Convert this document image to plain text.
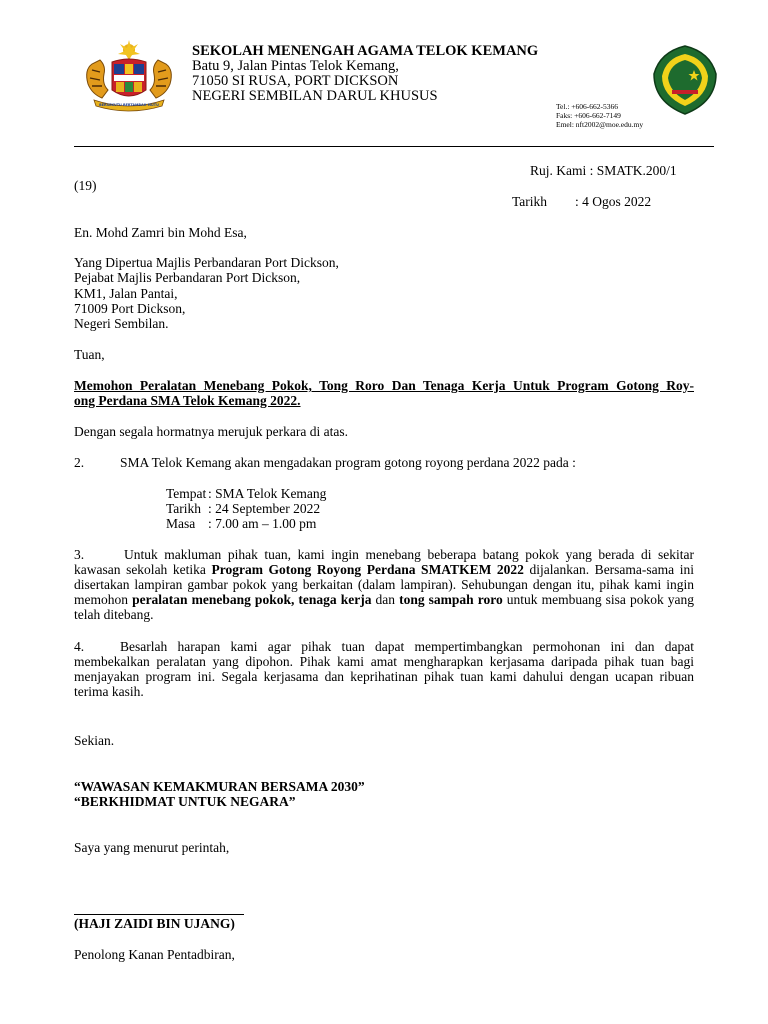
BERSEKUTU BERTAMBAH MUTU
SEKOLAH MENENGAH AGAMA TELOK KEMANG
Batu 9, Jalan Pintas Telok Kemang,
71050 SI RUSA, PORT DICKSON
NEGERI SEMBILAN DARUL KHUSUS
Tel.: +606-662-5366
Faks: +606-662-7149
Emel: nft2002@moe.edu.my
Ruj. Kami : SMATK.200/1
(19)
Tarikh : 4 Ogos 2022
En. Mohd Zamri bin Mohd Esa,
Yang Dipertua Majlis Perbandaran Port Dickson,
Pejabat Majlis Perbandaran Port Dickson,
KM1, Jalan Pantai,
71009 Port Dickson,
Negeri Sembilan.
Tuan,
Memohon Peralatan Menebang Pokok, Tong Roro Dan Tenaga Kerja Untuk Program Gotong Roy-
ong Perdana SMA Telok Kemang 2022.
Dengan segala hormatnya merujuk perkara di atas.
2.	SMA Telok Kemang akan mengadakan program gotong royong perdana 2022 pada :
Tempat : SMA Telok Kemang
Tarikh : 24 September 2022
Masa : 7.00 am – 1.00 pm
3.	Untuk makluman pihak tuan, kami ingin menebang beberapa batang pokok yang berada di sekitar kawasan sekolah ketika Program Gotong Royong Perdana SMATKEM 2022 dijalankan. Bersama-sama ini disertakan lampiran gambar pokok yang berkaitan (dalam lampiran). Sehubungan dengan itu, pihak kami ingin memohon peralatan menebang pokok, tenaga kerja dan tong sampah roro untuk membuang sisa pokok yang telah ditebang.
4.	Besarlah harapan kami agar pihak tuan dapat mempertimbangkan permohonan ini dan dapat membekalkan peralatan yang dipohon. Pihak kami amat mengharapkan kerjasama daripada pihak tuan bagi menjayakan program ini. Segala kerjasama dan keprihatinan pihak tuan kami dahului dengan ucapan ribuan terima kasih.
Sekian.
“WAWASAN KEMAKMURAN BERSAMA 2030”
“BERKHIDMAT UNTUK NEGARA”
Saya yang menurut perintah,
(HAJI ZAIDI BIN UJANG)
Penolong Kanan Pentadbiran,
